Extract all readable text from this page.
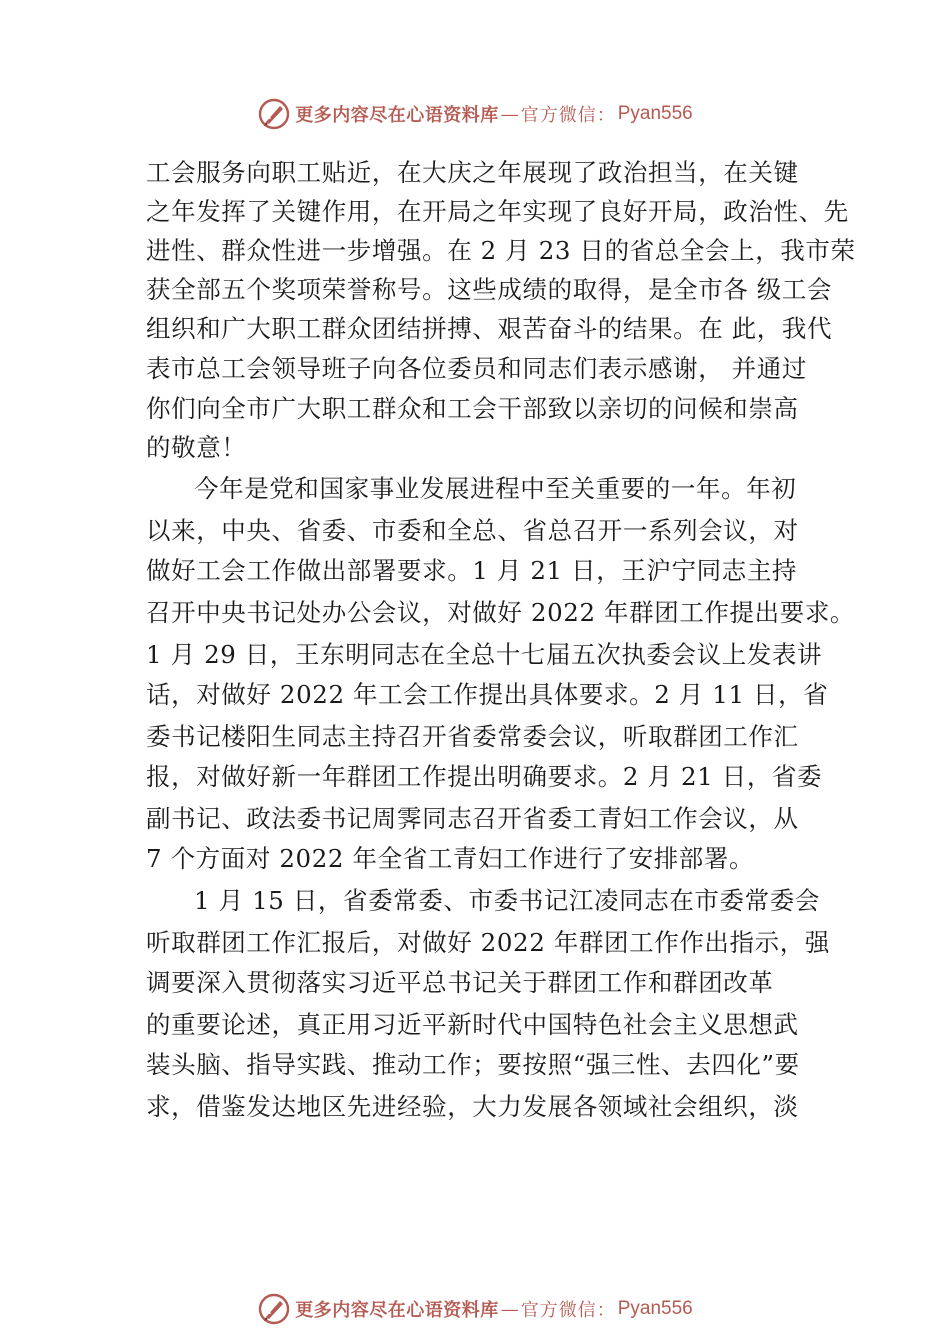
更多内容尽在心语资料库 — 官方微信： Pyan556
工会服务向职工贴近，在大庆之年展现了政治担当，在关键
之年发挥了关键作用，在开局之年实现了良好开局，政治性、先
进性、群众性进一步增强。在 2 月 23 日的省总全会上，我市荣
获全部五个奖项荣誉称号。这些成绩的取得，是全市各 级工会
组织和广大职工群众团结拼搏、艰苦奋斗的结果。在 此，我代
表市总工会领导班子向各位委员和同志们表示感谢， 并通过
你们向全市广大职工群众和工会干部致以亲切的问候和崇高
的敬意！
今年是党和国家事业发展进程中至关重要的一年。年初
以来，中央、省委、市委和全总、省总召开一系列会议，对
做好工会工作做出部署要求。1 月 21 日，王沪宁同志主持
召开中央书记处办公会议，对做好 2022 年群团工作提出要求。
1 月 29 日，王东明同志在全总十七届五次执委会议上发表讲
话，对做好 2022 年工会工作提出具体要求。2 月 11 日，省
委书记楼阳生同志主持召开省委常委会议，听取群团工作汇
报，对做好新一年群团工作提出明确要求。2 月 21 日，省委
副书记、政法委书记周霁同志召开省委工青妇工作会议，从
7 个方面对 2022 年全省工青妇工作进行了安排部署。
1 月 15 日，省委常委、市委书记江凌同志在市委常委会
听取群团工作汇报后，对做好 2022 年群团工作作出指示，强
调要深入贯彻落实习近平总书记关于群团工作和群团改革
的重要论述，真正用习近平新时代中国特色社会主义思想武
装头脑、指导实践、推动工作；要按照“强三性、去四化”要
求，借鉴发达地区先进经验，大力发展各领域社会组织，淡
更多内容尽在心语资料库 — 官方微信： Pyan556
